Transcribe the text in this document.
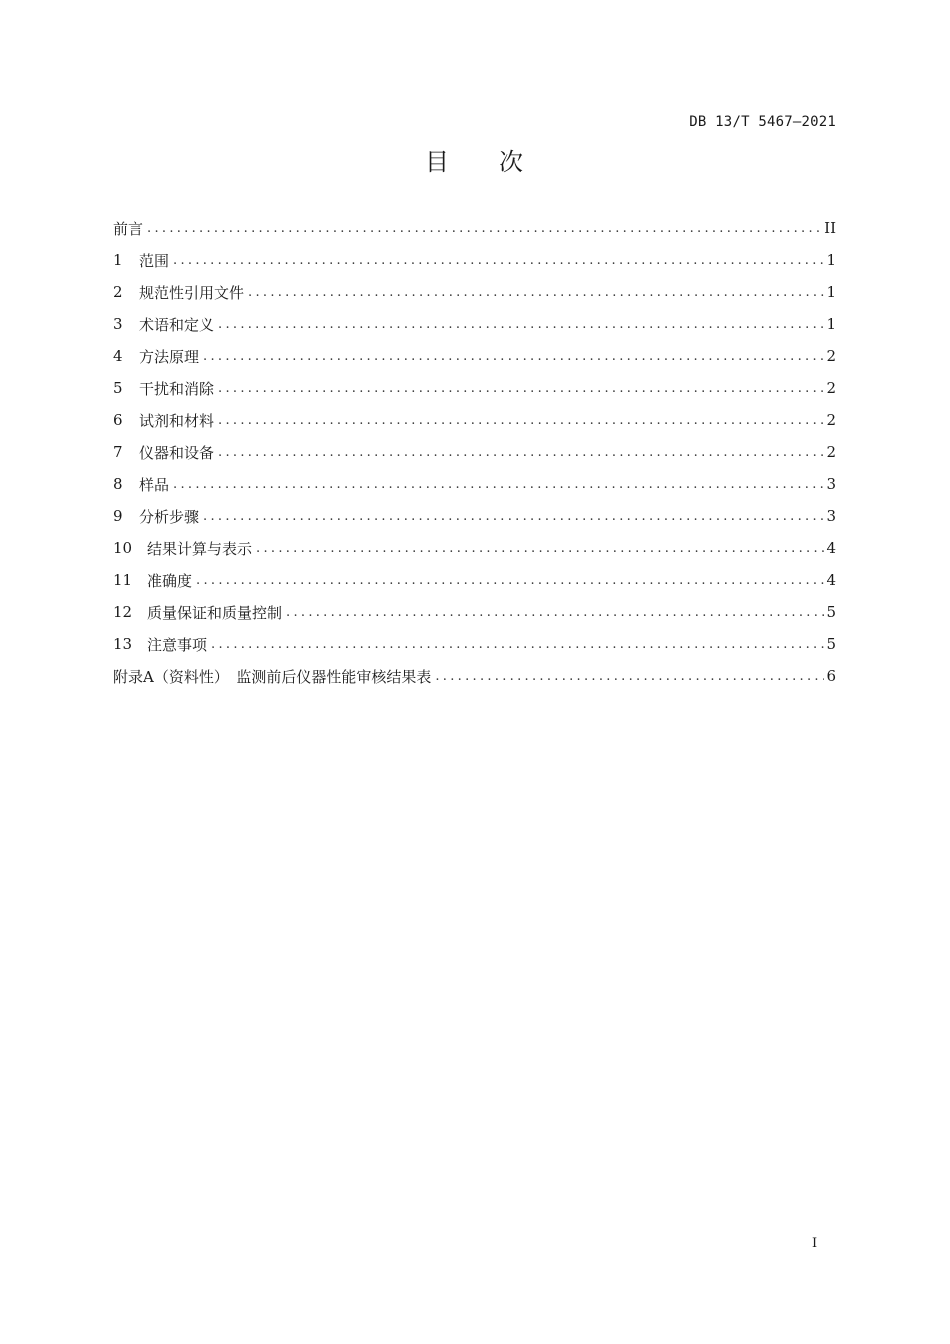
DB 13/T 5467—2021
目 次
前言 .....	II
1	范围 .....	1
2	规范性引用文件 .....	1
3	术语和定义 .....	1
4	方法原理 .....	2
5	干扰和消除 .....	2
6	试剂和材料 .....	2
7	仪器和设备 .....	2
8	样品 .....	3
9	分析步骤 .....	3
10 结果计算与表示 .....	4
11 准确度 .....	4
12 质量保证和质量控制 .....	5
13 注意事项 .....	5
附录A（资料性）　监测前后仪器性能审核结果表 .....	6
I
